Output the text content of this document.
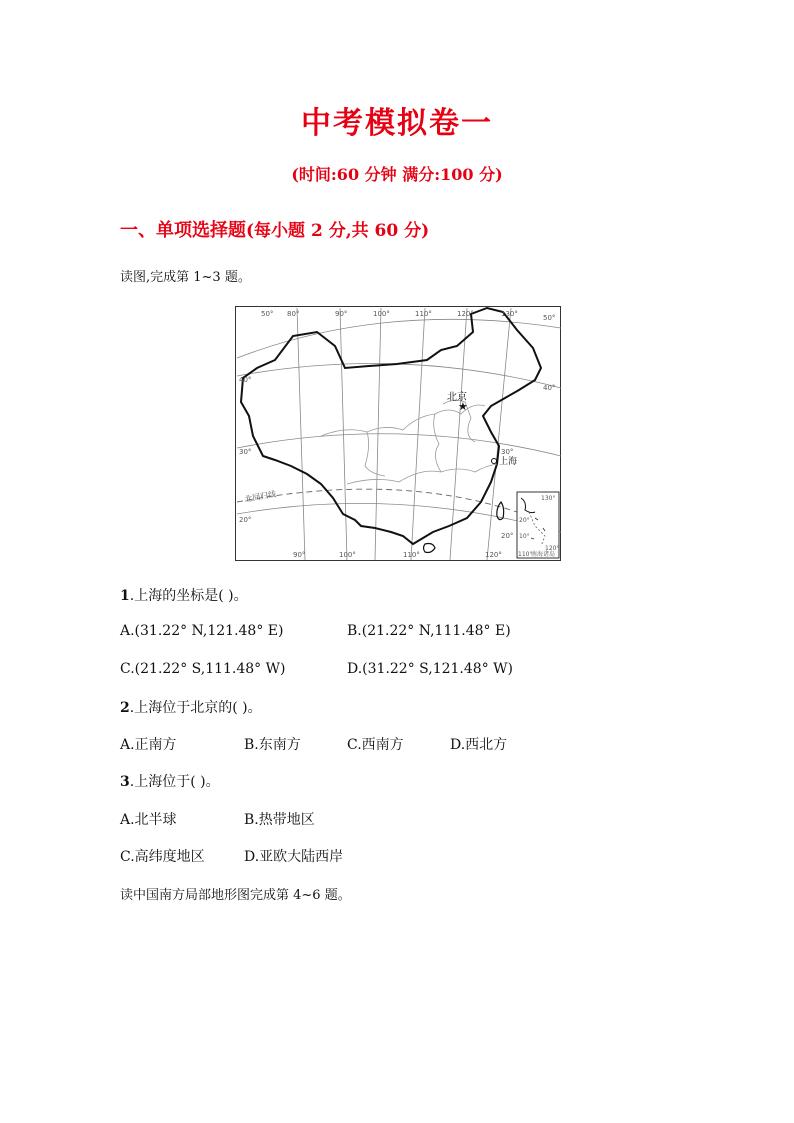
中考模拟卷一
(时间:60 分钟 满分:100 分)
一、单项选择题(每小题 2 分,共 60 分)
读图,完成第 1~3 题。
★
北京
上海
北回归线
80°	90°	100°	110°	120°	130°
50°
90°	100°	110°	120°
40°
30°
20°
50°
40°
30°
20°
130°
20°
10°
120°
110°
南海诸岛
1.上海的坐标是( )。
A.(31.22° N,121.48° E)	B.(21.22° N,111.48° E)
C.(21.22° S,111.48° W)	D.(31.22° S,121.48° W)
2.上海位于北京的( )。
A.正南方	B.东南方	C.西南方	D.西北方
3.上海位于( )。
A.北半球	B.热带地区
C.高纬度地区	D.亚欧大陆西岸
读中国南方局部地形图完成第 4~6 题。
